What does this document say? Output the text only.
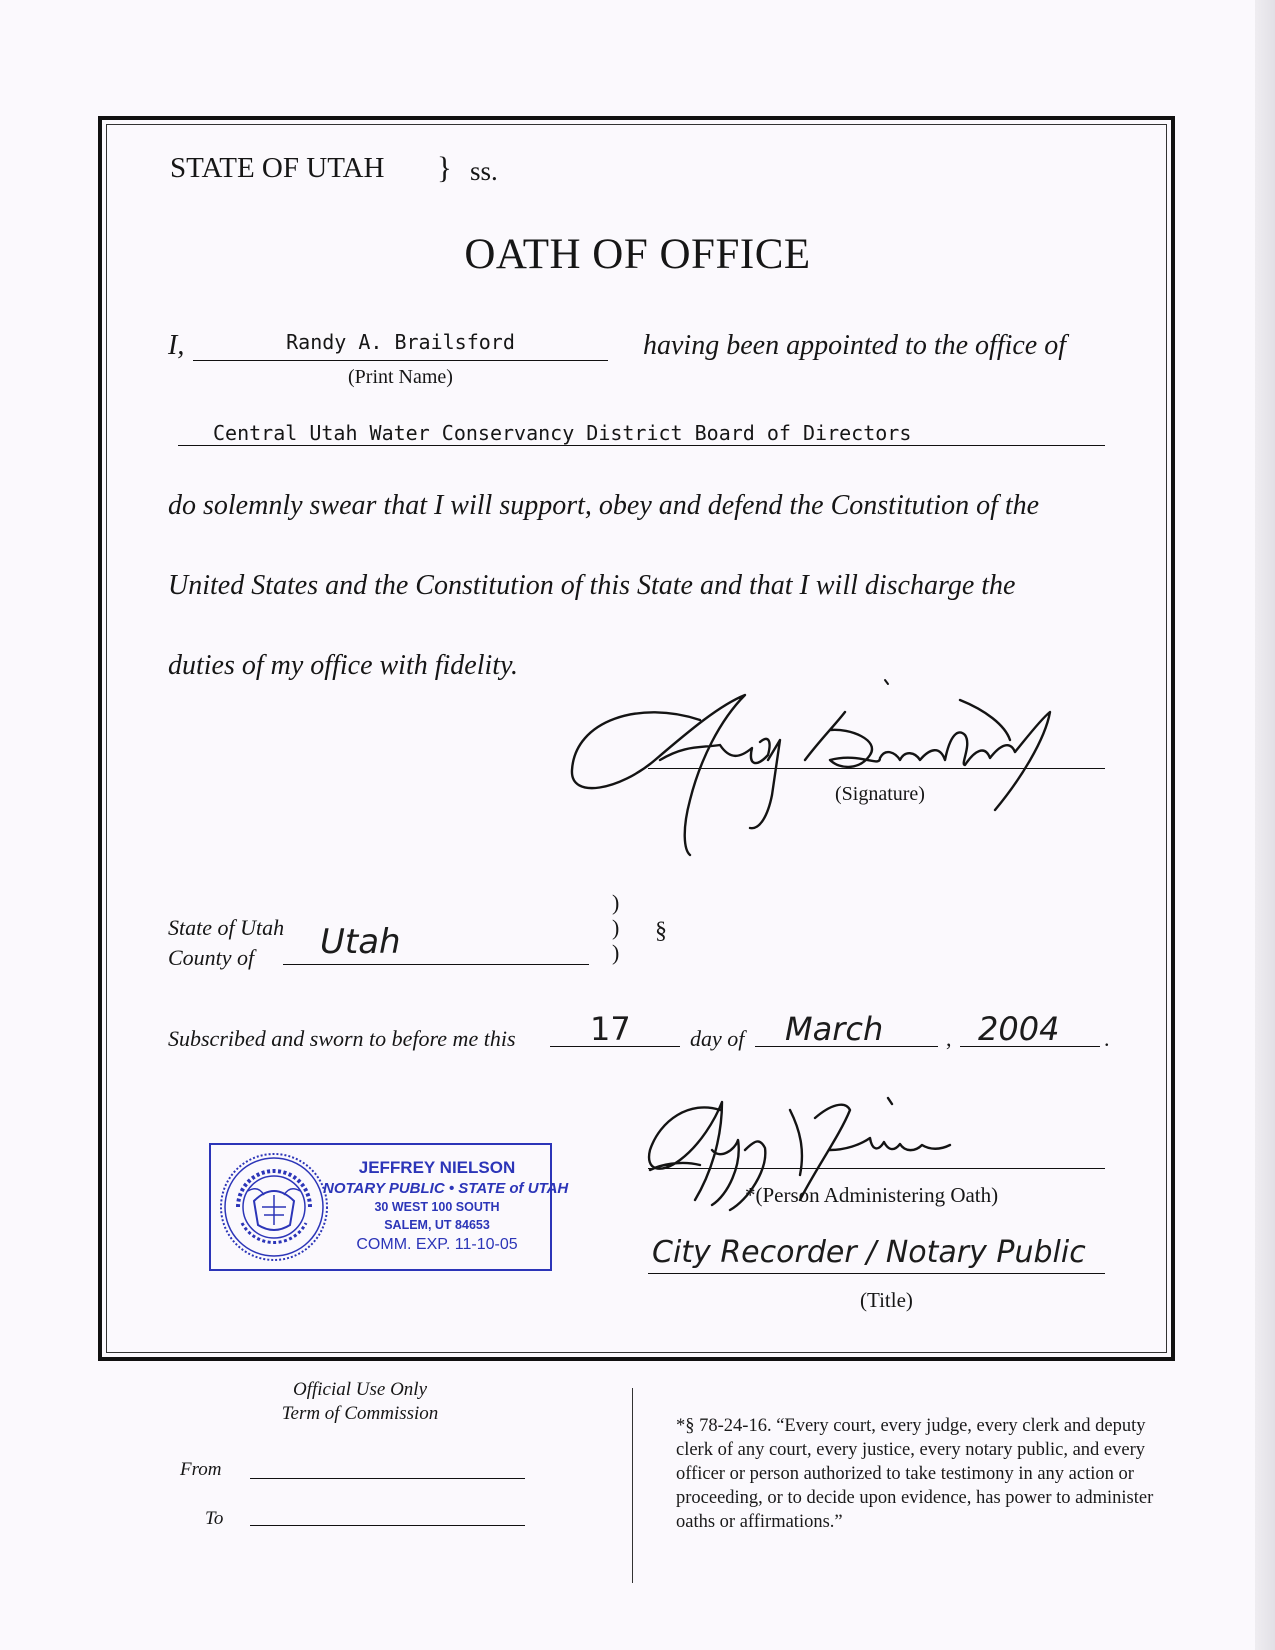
STATE OF UTAH } ss.
OATH OF OFFICE
I,	Randy A. Brailsford
(Print Name)
having been appointed to the office of
Central Utah Water Conservancy District Board of Directors
do solemnly swear that I will support, obey and defend the Constitution of the
United States and the Constitution of this State and that I will discharge the
duties of my office with fidelity.
(Signature)
State of Utah
County of Utah
)
)
)
§
Subscribed and sworn to before me this 17	day of March	, 2004 .
*(Person Administering Oath)
City Recorder / Notary Public
(Title)
JEFFREY NIELSON
NOTARY PUBLIC • STATE of UTAH
30 WEST 100 SOUTH
SALEM, UT 84653
COMM. EXP. 11-10-05
Official Use Only
Term of Commission
From
To
*§ 78-24-16. “Every court, every judge, every clerk and deputy clerk of any court, every justice, every notary public, and every officer or person authorized to take testimony in any action or proceeding, or to decide upon evidence, has power to administer oaths or affirmations.”
